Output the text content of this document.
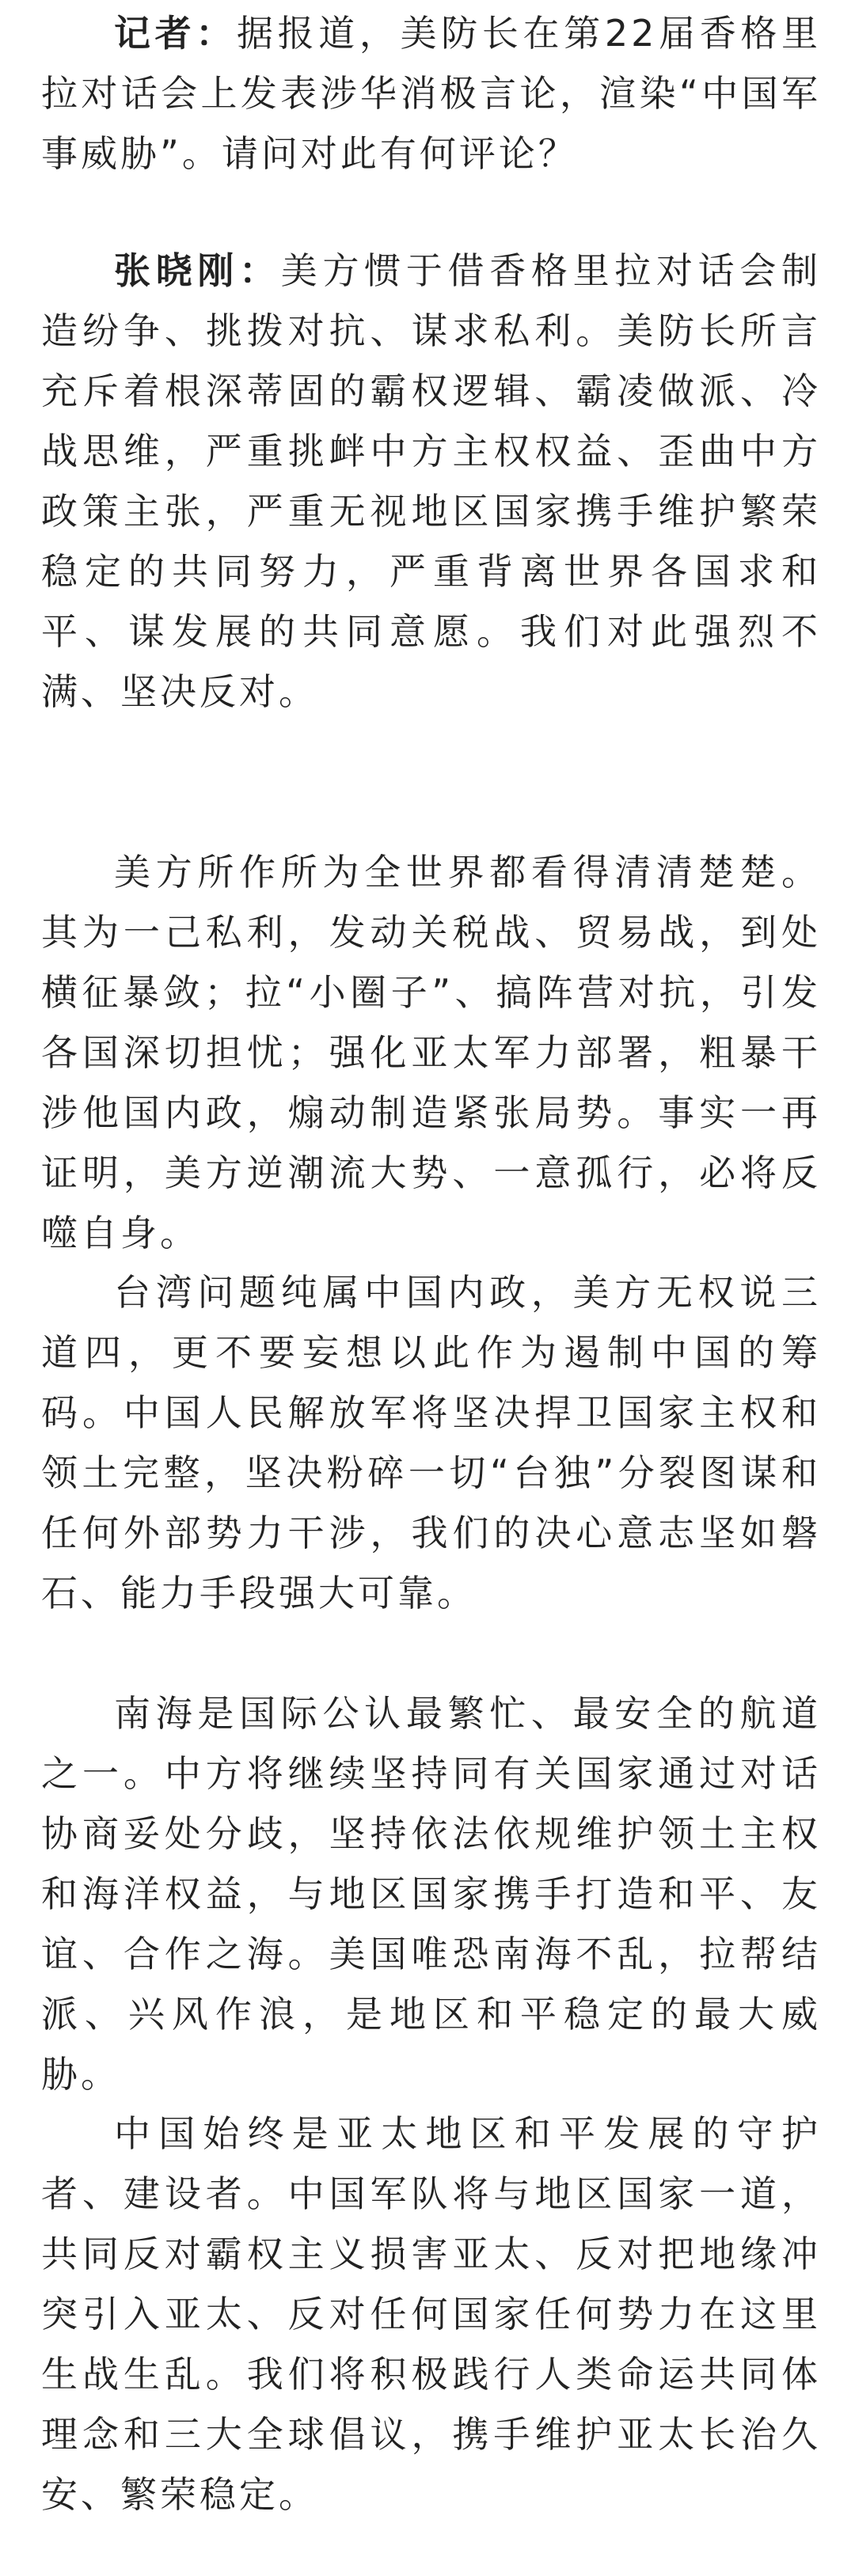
记者：据报道，美防长在第22届香格里拉对话会上发表涉华消极言论，渲染“中国军事威胁”。请问对此有何评论？

张晓刚：美方惯于借香格里拉对话会制造纷争、挑拨对抗、谋求私利。美防长所言充斥着根深蒂固的霸权逻辑、霸凌做派、冷战思维，严重挑衅中方主权权益、歪曲中方政策主张，严重无视地区国家携手维护繁荣稳定的共同努力，严重背离世界各国求和平、谋发展的共同意愿。我们对此强烈不满、坚决反对。

美方所作所为全世界都看得清清楚楚。其为一己私利，发动关税战、贸易战，到处横征暴敛；拉“小圈子”、搞阵营对抗，引发各国深切担忧；强化亚太军力部署，粗暴干涉他国内政，煽动制造紧张局势。事实一再证明，美方逆潮流大势、一意孤行，必将反噬自身。

台湾问题纯属中国内政，美方无权说三道四，更不要妄想以此作为遏制中国的筹码。中国人民解放军将坚决捍卫国家主权和领土完整，坚决粉碎一切“台独”分裂图谋和任何外部势力干涉，我们的决心意志坚如磐石、能力手段强大可靠。

南海是国际公认最繁忙、最安全的航道之一。中方将继续坚持同有关国家通过对话协商妥处分歧，坚持依法依规维护领土主权和海洋权益，与地区国家携手打造和平、友谊、合作之海。美国唯恐南海不乱，拉帮结派、兴风作浪，是地区和平稳定的最大威胁。

中国始终是亚太地区和平发展的守护者、建设者。中国军队将与地区国家一道，共同反对霸权主义损害亚太、反对把地缘冲突引入亚太、反对任何国家任何势力在这里生战生乱。我们将积极践行人类命运共同体理念和三大全球倡议，携手维护亚太长治久安、繁荣稳定。
